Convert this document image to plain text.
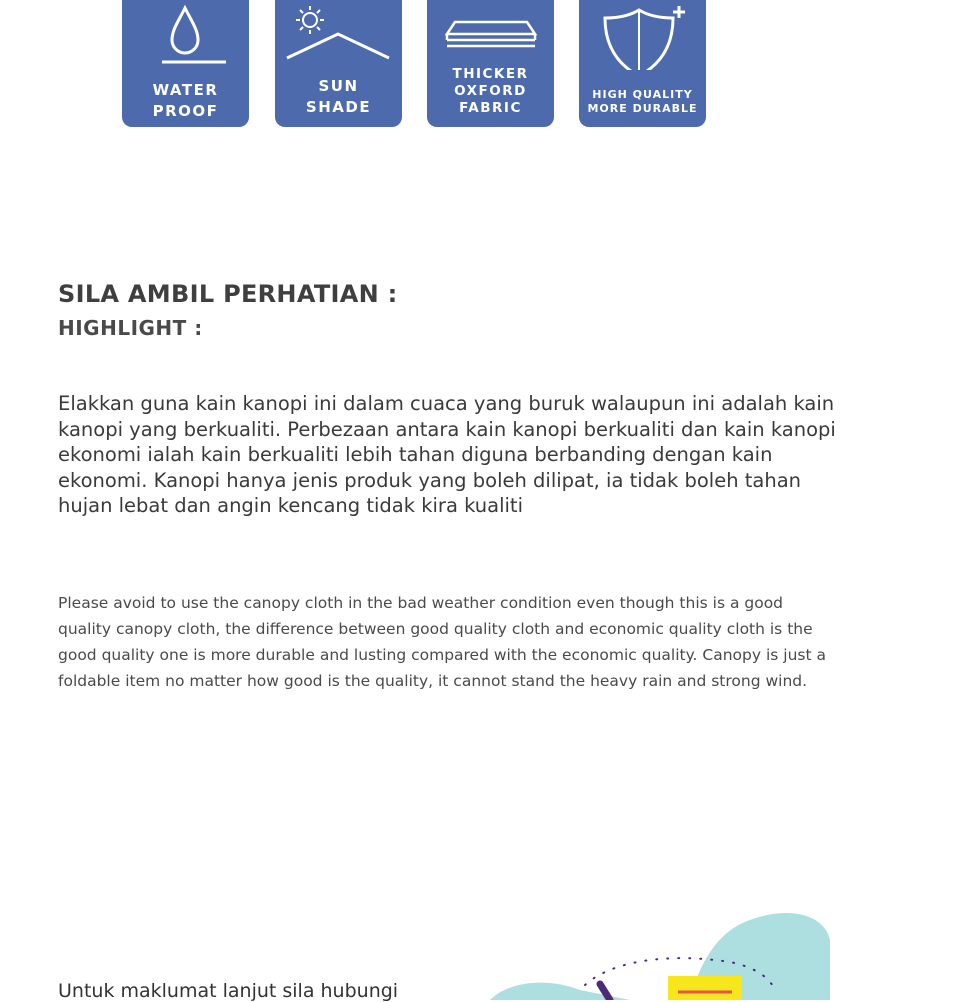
WATER
PROOF
SUN
SHADE
THICKER
OXFORD
FABRIC
HIGH QUALITY
MORE DURABLE
SILA AMBIL PERHATIAN :
HIGHLIGHT :

Elakkan guna kain kanopi ini dalam cuaca yang buruk walaupun ini adalah kain kanopi yang berkualiti. Perbezaan antara kain kanopi berkualiti dan kain kanopi ekonomi ialah kain berkualiti lebih tahan diguna berbanding dengan kain ekonomi. Kanopi hanya jenis produk yang boleh dilipat, ia tidak boleh tahan hujan lebat dan angin kencang tidak kira kualiti

Please avoid to use the canopy cloth in the bad weather condition even though this is a good quality canopy cloth, the difference between good quality cloth and economic quality cloth is the good quality one is more durable and lusting compared with the economic quality. Canopy is just a foldable item no matter how good is the quality, it cannot stand the heavy rain and strong wind.

Untuk maklumat lanjut sila hubungi
